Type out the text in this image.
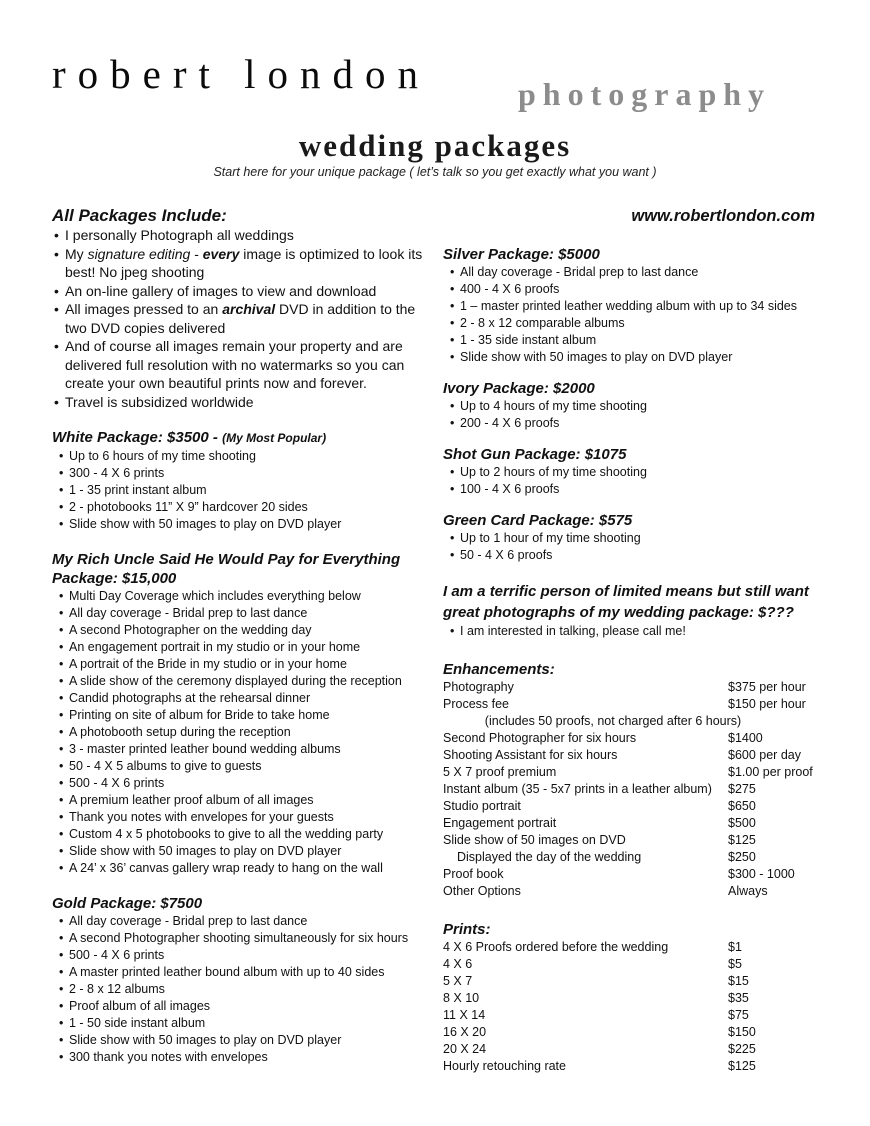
robert london	photography
wedding packages

Start here for your unique package ( let’s talk so you get exactly what you want )

www.robertlondon.com

All Packages Include:
• I personally Photograph all weddings
• My signature editing - every image is optimized to look its best! No jpeg shooting
• An on-line gallery of images to view and download
• All images pressed to an archival DVD in addition to the two DVD copies delivered
• And of course all images remain your property and are delivered full resolution with no watermarks so you can create your own beautiful prints now and forever.
• Travel is subsidized worldwide
White Package: $3500 - (My Most Popular)
• Up to 6 hours of my time shooting
• 300 - 4 X 6 prints
• 1 - 35 print instant album
• 2 - photobooks 11” X 9” hardcover 20 sides
• Slide show with 50 images to play on DVD player
My Rich Uncle Said He Would Pay for Everything Package: $15,000
• Multi Day Coverage which includes everything below
• All day coverage - Bridal prep to last dance
• A second Photographer on the wedding day
• An engagement portrait in my studio or in your home
• A portrait of the Bride in my studio or in your home
• A slide show of the ceremony displayed during the reception
• Candid photographs at the rehearsal dinner
• Printing on site of album for Bride to take home
• A photobooth setup during the reception
• 3 - master printed leather bound wedding albums
• 50 - 4 X 5 albums to give to guests
• 500 - 4 X 6 prints
• A premium leather proof album of all images
• Thank you notes with envelopes for your guests
• Custom 4 x 5 photobooks to give to all the wedding party
• Slide show with 50 images to play on DVD player
• A 24’ x 36’ canvas gallery wrap ready to hang on the wall
Gold Package: $7500
• All day coverage - Bridal prep to last dance
• A second Photographer shooting simultaneously for six hours
• 500 - 4 X 6 prints
• A master printed leather bound album with up to 40 sides
• 2 - 8 x 12 albums
• Proof album of all images
• 1 - 50 side instant album
• Slide show with 50 images to play on DVD player
• 300 thank you notes with envelopes
Silver Package: $5000
• All day coverage - Bridal prep to last dance
• 400 - 4 X 6 proofs
• 1 – master printed leather wedding album with up to 34 sides
• 2 - 8 x 12 comparable albums
• 1 - 35 side instant album
• Slide show with 50 images to play on DVD player
Ivory Package: $2000
• Up to 4 hours of my time shooting
• 200 - 4 X 6 proofs
Shot Gun Package: $1075
• Up to 2 hours of my time shooting
• 100 - 4 X 6 proofs
Green Card Package: $575
• Up to 1 hour of my time shooting
• 50 - 4 X 6 proofs
I am a terrific person of limited means but still want great photographs of my wedding package: $???
• I am interested in talking, please call me!
Enhancements:
Photography	$375 per hour
Process fee	$150 per hour
(includes 50 proofs, not charged after 6 hours)	
Second Photographer for six hours	$1400
Shooting Assistant for six hours	$600 per day
5 X 7 proof premium	$1.00 per proof
Instant album (35 - 5x7 prints in a leather album)	$275
Studio portrait	$650
Engagement portrait	$500
Slide show of 50 images on DVD	$125
Displayed the day of the wedding	$250
Proof book	$300 - 1000
Other Options	Always
Prints:
4 X 6 Proofs ordered before the wedding	$1
4 X 6	$5
5 X 7	$15
8 X 10	$35
11 X 14	$75
16 X 20	$150
20 X 24	$225
Hourly retouching rate	$125
